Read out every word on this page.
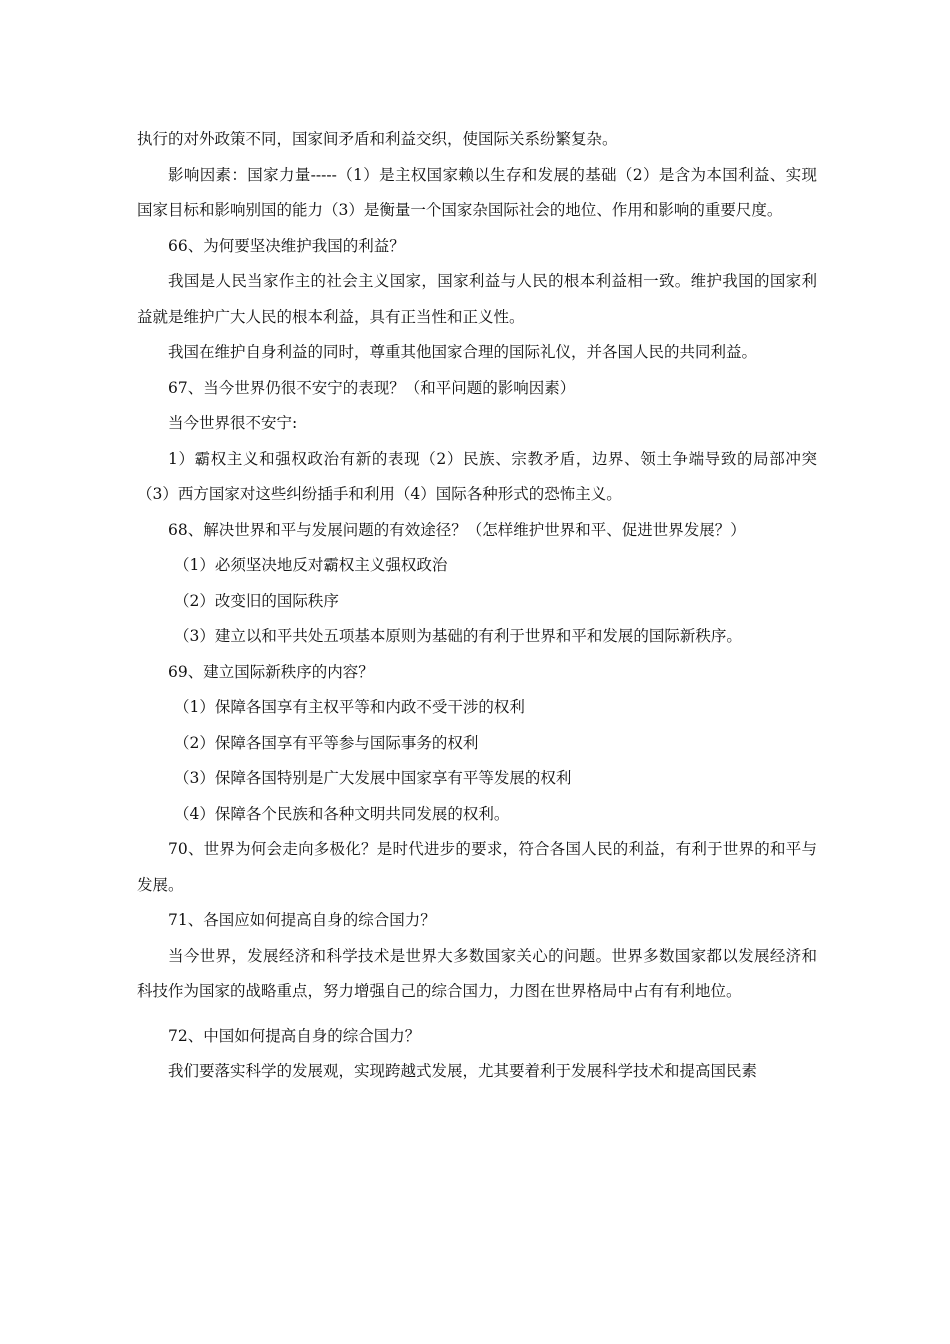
执行的对外政策不同，国家间矛盾和利益交织，使国际关系纷繁复杂。

影响因素：国家力量-----（1）是主权国家赖以生存和发展的基础（2）是含为本国利益、实现国家目标和影响别国的能力（3）是衡量一个国家杂国际社会的地位、作用和影响的重要尺度。

66、为何要坚决维护我国的利益？

我国是人民当家作主的社会主义国家，国家利益与人民的根本利益相一致。维护我国的国家利益就是维护广大人民的根本利益，具有正当性和正义性。

我国在维护自身利益的同时，尊重其他国家合理的国际礼仪，并各国人民的共同利益。

67、当今世界仍很不安宁的表现？（和平问题的影响因素）

当今世界很不安宁:

1）霸权主义和强权政治有新的表现（2）民族、宗教矛盾，边界、领土争端导致的局部冲突（3）西方国家对这些纠纷插手和利用（4）国际各种形式的恐怖主义。

68、解决世界和平与发展问题的有效途径？（怎样维护世界和平、促进世界发展？）

（1）必须坚决地反对霸权主义强权政治

（2）改变旧的国际秩序

（3）建立以和平共处五项基本原则为基础的有利于世界和平和发展的国际新秩序。

69、建立国际新秩序的内容？

（1）保障各国享有主权平等和内政不受干涉的权利

（2）保障各国享有平等参与国际事务的权利

（3）保障各国特别是广大发展中国家享有平等发展的权利

（4）保障各个民族和各种文明共同发展的权利。

70、世界为何会走向多极化？是时代进步的要求，符合各国人民的利益，有利于世界的和平与发展。

71、各国应如何提高自身的综合国力？

当今世界，发展经济和科学技术是世界大多数国家关心的问题。世界多数国家都以发展经济和科技作为国家的战略重点，努力增强自己的综合国力，力图在世界格局中占有有利地位。

72、中国如何提高自身的综合国力？

我们要落实科学的发展观，实现跨越式发展，尤其要着利于发展科学技术和提高国民素
